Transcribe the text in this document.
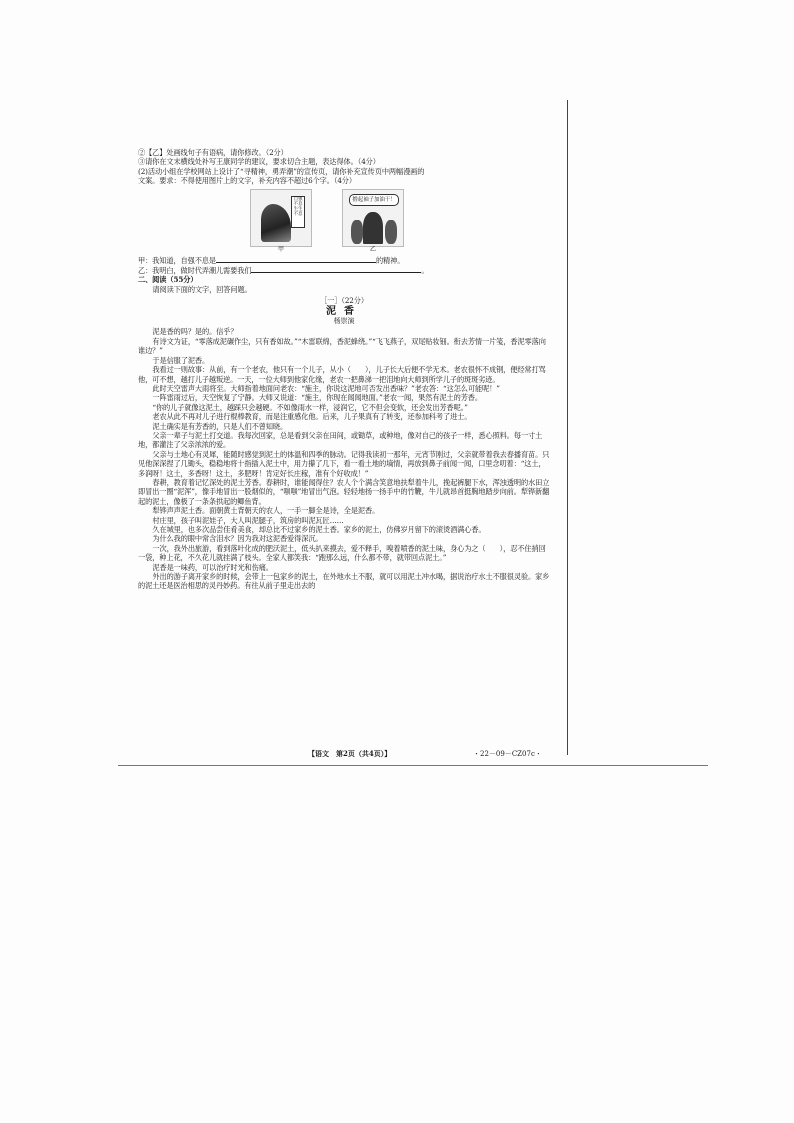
②【乙】处画线句子有语病，请你修改。（2分）

③请你在文末横线处补写王康同学的建议，要求切合主题，表达得体。（4分）

(2)活动小组在学校网站上设计了“寻精神，勇弄潮”的宣传页，请你补充宣传页中两幅漫画的

文案。要求：不得使用图片上的文字，补充内容不超过6个字。（4分）

自强不息 生生不息
甲
撸起袖子加油干！
乙

甲：我知道，自强不息是	的精神。

乙：我明白，做时代弄潮儿需要我们	。

二、阅读（55分）

请阅读下面的文字，回答问题。

［一］（22分）
泥香
杨崇演

泥是香的吗？是的。信乎？

有诗文为证，“零落成泥碾作尘，只有香如故。”“木雷联绵，香泥蜂绕。”“飞飞燕子，双尾贴妆钿。衔去芳情一片笺，香泥零落向谁边？”

于是信服了泥香。

我看过一则故事：从前，有一个老农，他只有一个儿子，从小（　　），儿子长大后便不学无术。老农很怀不成钢，便经常打骂他，可不想，越打儿子越叛逆。一天，一位大师到他家化缘，老农一把鼻涕一把泪地向大师到所学儿子的斑斑劣迹。

此时天空雷声大雨将至。大师指着地面问老农：“施主，你说这泥地可否发出香味？”老农答：“这怎么可能呢！”

一阵雷雨过后，天空恢复了宁静。大师又说道：“施主，你现在闻闻地面。”老农一闻，果然有泥土的芳香。

“你的儿子就像这泥土，越踩只会越硬。不如像雨水一样，浸润它，它不但会变软，还会发出芳香呢。”

老农从此不再对儿子进行棍棒教育，而是注重感化他。后来，儿子果真有了转变，还参加科考了进士。

泥土确实是有芳香的，只是人们不曾知晓。

父亲一辈子与泥土打交道。我每次回家，总是看到父亲在田间，或锄草，或种地，像对自己的孩子一样，悉心照料。每一寸土地，都灌注了父亲浓浓的爱。

父亲与土地心有灵犀，能随时感觉到泥土的体温和四季的脉动。记得我读初一那年，元宵节刚过，父亲就带着我去春播育苗。只见他深深捏了几锄头，稳稳地将十指插入泥土中，用力攥了几下，看一看土地的墒情，再放到鼻子前闻一闻，口里念叨着：“这土，多润呀！这土，多香呀！这土，多肥呀！肯定好长庄稼，准有个好收成！”

春耕，教育着记忆深处的泥土芳香。春耕时，谁能闻得住？农人个个满含笑意地扶犁着牛儿，挽起裤腿下水，浑浊透明的水田立即冒出一圈“泥浑”，像手地冒出一股烟似的，“嗤嗤”地冒出气泡。轻轻地扬一扬手中的竹鞭，牛儿就昂首挺胸地踏步向前。犁铧新翻起的泥土，像极了一条条拱起的鲫鱼背。

犁铧声声泥土香。面朝黄土背朝天的农人，一手一脚全是诗，全是泥香。

村庄里，孩子叫泥娃子，大人叫泥腿子，筑房的叫泥瓦匠……

久在城里，也多次品尝佳肴美食，却总比不过家乡的泥土香。家乡的泥土，仿佛岁月留下的滚烫酒满心香。

为什么我的眼中常含泪水？因为我对这泥香爱得深沉。

一次，我外出旅游，看到落叶化成的肥沃泥土，低头扒来摸去，爱不释手，嗅着喷香的泥土味，身心为之（　　），忍不住捎回一袋，种上花，不久花儿就挂满了枝头。全家人都笑我：“跑那么远，什么都不带，就带回点泥土。”

泥香是一味药，可以治疗时光和伤痛。

外出的游子离开家乡的时候，会带上一包家乡的泥土，在外地水土不服，就可以用泥土冲水喝，据说治疗水土不服很灵验。家乡的泥土还是医治相思的灵丹妙药。有往从前子里走出去的

【语文　第2页（共4页）】	・22－09－CZ07c・
